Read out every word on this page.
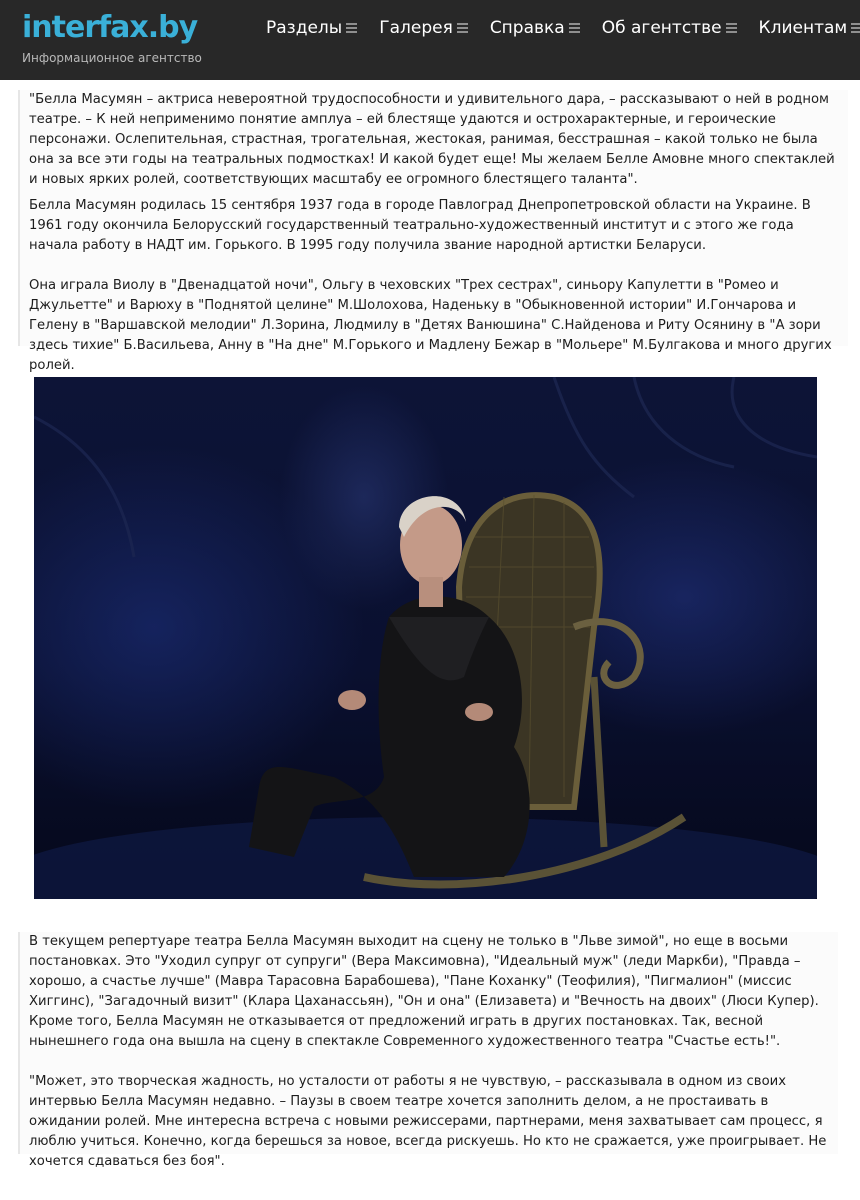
interfax.by
Информационное агентство
Разделы Галерея Справка Об агентстве Клиентам

"Белла Масумян – актриса невероятной трудоспособности и удивительного дара, – рассказывают о ней в родном театре. – К ней неприменимо понятие амплуа – ей блестяще удаются и острохарактерные, и героические персонажи. Ослепительная, страстная, трогательная, жестокая, ранимая, бесстрашная – какой только не была она за все эти годы на театральных подмостках! И какой будет еще! Мы желаем Белле Амовне много спектаклей и новых ярких ролей, соответствующих масштабу ее огромного блестящего таланта".

Белла Масумян родилась 15 сентября 1937 года в городе Павлоград Днепропетровской области на Украине. В 1961 году окончила Белорусский государственный театрально-художественный институт и с этого же года начала работу в НАДТ им. Горького. В 1995 году получила звание народной артистки Беларуси.

Она играла Виолу в "Двенадцатой ночи", Ольгу в чеховских "Трех сестрах", синьору Капулетти в "Ромео и Джульетте" и Варюху в "Поднятой целине" М.Шолохова, Наденьку в "Обыкновенной истории" И.Гончарова и Гелену в "Варшавской мелодии" Л.Зорина, Людмилу в "Детях Ванюшина" С.Найденова и Риту Осянину в "А зори здесь тихие" Б.Васильева, Анну в "На дне" М.Горького и Мадлену Бежар в "Мольере" М.Булгакова и много других ролей.

В текущем репертуаре театра Белла Масумян выходит на сцену не только в "Льве зимой", но еще в восьми постановках. Это "Уходил супруг от супруги" (Вера Максимовна), "Идеальный муж" (леди Маркби), "Правда – хорошо, а счастье лучше" (Мавра Тарасовна Барабошева), "Пане Коханку" (Теофилия), "Пигмалион" (миссис Хиггинс), "Загадочный визит" (Клара Цаханассьян), "Он и она" (Елизавета) и "Вечность на двоих" (Люси Купер). Кроме того, Белла Масумян не отказывается от предложений играть в других постановках. Так, весной нынешнего года она вышла на сцену в спектакле Современного художественного театра "Счастье есть!".

"Может, это творческая жадность, но усталости от работы я не чувствую, – рассказывала в одном из своих интервью Белла Масумян недавно. – Паузы в своем театре хочется заполнить делом, а не простаивать в ожидании ролей. Мне интересна встреча с новыми режиссерами, партнерами, меня захватывает сам процесс, я люблю учиться. Конечно, когда берешься за новое, всегда рискуешь. Но кто не сражается, уже проигрывает. Не хочется сдаваться без боя".
